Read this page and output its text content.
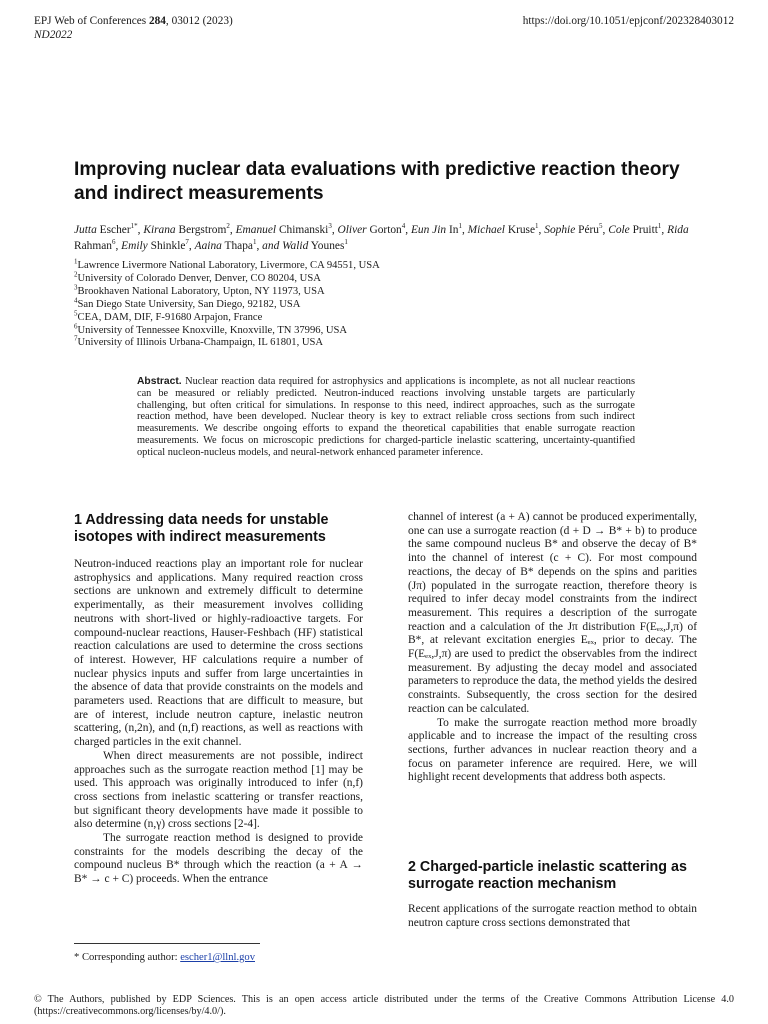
EPJ Web of Conferences 284, 03012 (2023)	https://doi.org/10.1051/epjconf/202328403012
ND2022
Improving nuclear data evaluations with predictive reaction theory and indirect measurements
Jutta Escher$^{1*}$, Kirana Bergstrom$^2$, Emanuel Chimanski$^3$, Oliver Gorton$^4$, Eun Jin In$^1$, Michael Kruse$^1$, Sophie Péru$^5$, Cole Pruitt$^1$, Rida Rahman$^6$, Emily Shinkle$^7$, Aaina Thapa$^1$, and Walid Younes$^1$
$^1$Lawrence Livermore National Laboratory, Livermore, CA 94551, USA
$^2$University of Colorado Denver, Denver, CO 80204, USA
$^3$Brookhaven National Laboratory, Upton, NY 11973, USA
$^4$San Diego State University, San Diego, 92182, USA
$^5$CEA, DAM, DIF, F-91680 Arpajon, France
$^6$University of Tennessee Knoxville, Knoxville, TN 37996, USA
$^7$University of Illinois Urbana-Champaign, IL 61801, USA
Abstract. Nuclear reaction data required for astrophysics and applications is incomplete, as not all nuclear reactions can be measured or reliably predicted. Neutron-induced reactions involving unstable targets are particularly challenging, but often critical for simulations. In response to this need, indirect approaches, such as the surrogate reaction method, have been developed. Nuclear theory is key to extract reliable cross sections from such indirect measurements. We describe ongoing efforts to expand the theoretical capabilities that enable surrogate reaction measurements. We focus on microscopic predictions for charged-particle inelastic scattering, uncertainty-quantified optical nucleon-nucleus models, and neural-network enhanced parameter inference.
1 Addressing data needs for unstable isotopes with indirect measurements

Neutron-induced reactions play an important role for nuclear astrophysics and applications. Many required reaction cross sections are unknown and extremely difficult to determine experimentally, as their measurement involves colliding neutrons with short-lived or highly-radioactive targets. For compound-nuclear reactions, Hauser-Feshbach (HF) statistical reaction calculations are used to determine the cross sections of interest. However, HF calculations require a number of nuclear physics inputs and suffer from large uncertainties in the absence of data that provide constraints on the models and parameters used. Reactions that are difficult to measure, but are of interest, include neutron capture, inelastic neutron scattering, (n,2n), and (n,f) reactions, as well as reactions with charged particles in the exit channel.

When direct measurements are not possible, indirect approaches such as the surrogate reaction method [1] may be used. This approach was originally introduced to infer (n,f) cross sections from inelastic scattering or transfer reactions, but significant theory developments have made it possible to also determine (n,γ) cross sections [2-4].

The surrogate reaction method is designed to provide constraints for the models describing the decay of the compound nucleus B* through which the reaction (a + A → B* → c + C) proceeds. When the entrance

channel of interest (a + A) cannot be produced experimentally, one can use a surrogate reaction (d + D → B* + b) to produce the same compound nucleus B* and observe the decay of B* into the channel of interest (c + C). For most compound reactions, the decay of B* depends on the spins and parities (Jπ) populated in the surrogate reaction, therefore theory is required to infer decay model constraints from the indirect measurement. This requires a description of the surrogate reaction and a calculation of the Jπ distribution F(Eₑₓ,J,π) of B*, at relevant excitation energies Eₑₓ, prior to decay. The F(Eₑₓ,J,π) are used to predict the observables from the indirect measurement. By adjusting the decay model and associated parameters to reproduce the data, the method yields the desired constraints. Subsequently, the cross section for the desired reaction can be calculated.

To make the surrogate reaction method more broadly applicable and to increase the impact of the resulting cross sections, further advances in nuclear reaction theory and a focus on parameter inference are required. Here, we will highlight recent developments that address both aspects.

2 Charged-particle inelastic scattering as surrogate reaction mechanism

Recent applications of the surrogate reaction method to obtain neutron capture cross sections demonstrated that

* Corresponding author: escher1@llnl.gov
© The Authors, published by EDP Sciences. This is an open access article distributed under the terms of the Creative Commons Attribution License 4.0 (https://creativecommons.org/licenses/by/4.0/).
